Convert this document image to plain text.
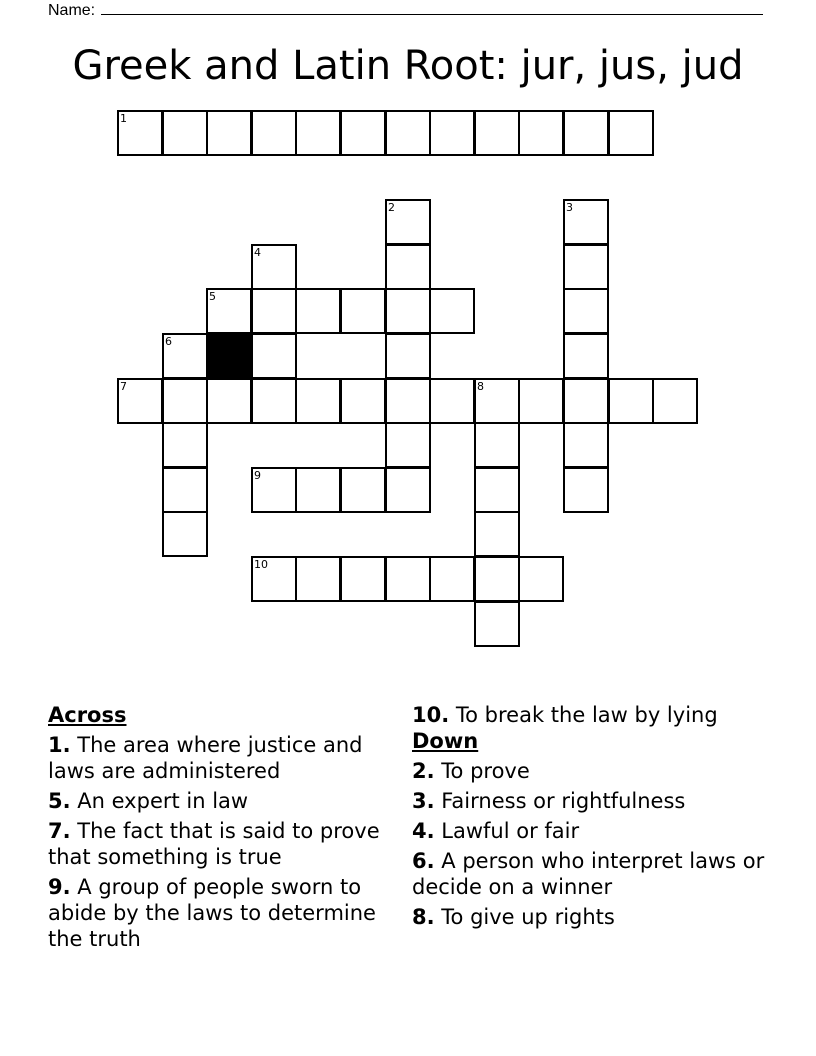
Name:
Greek and Latin Root: jur, jus, jud
1
2	3
4
5
6
7	8
9
10
Across
1. The area where justice and laws are administered
5. An expert in law
7. The fact that is said to prove that something is true
9. A group of people sworn to abide by the laws to determine the truth
10. To break the law by lying
Down
2. To prove
3. Fairness or rightfulness
4. Lawful or fair
6. A person who interpret laws or decide on a winner
8. To give up rights
